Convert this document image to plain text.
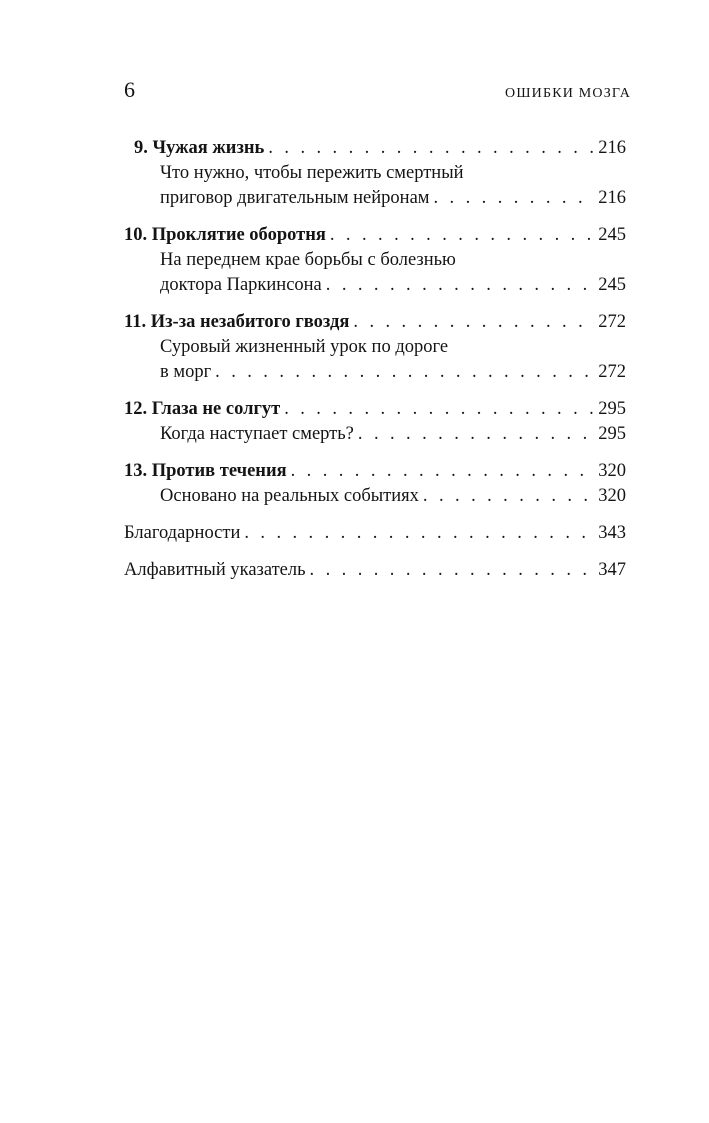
6	ОШИБКИ МОЗГА
9. Чужая жизнь . . .	216
Что нужно, чтобы пережить смертный
приговор двигательным нейронам . . .	216
10. Проклятие оборотня . . .	245
На переднем крае борьбы с болезнью
доктора Паркинсона . . .	245
11. Из-за незабитого гвоздя . . .	272
Суровый жизненный урок по дороге
в морг . . .	272
12. Глаза не солгут . . .	295
Когда наступает смерть? . . .	295
13. Против течения . . .	320
Основано на реальных событиях . . .	320
Благодарности . . .	343
Алфавитный указатель . . .	347
